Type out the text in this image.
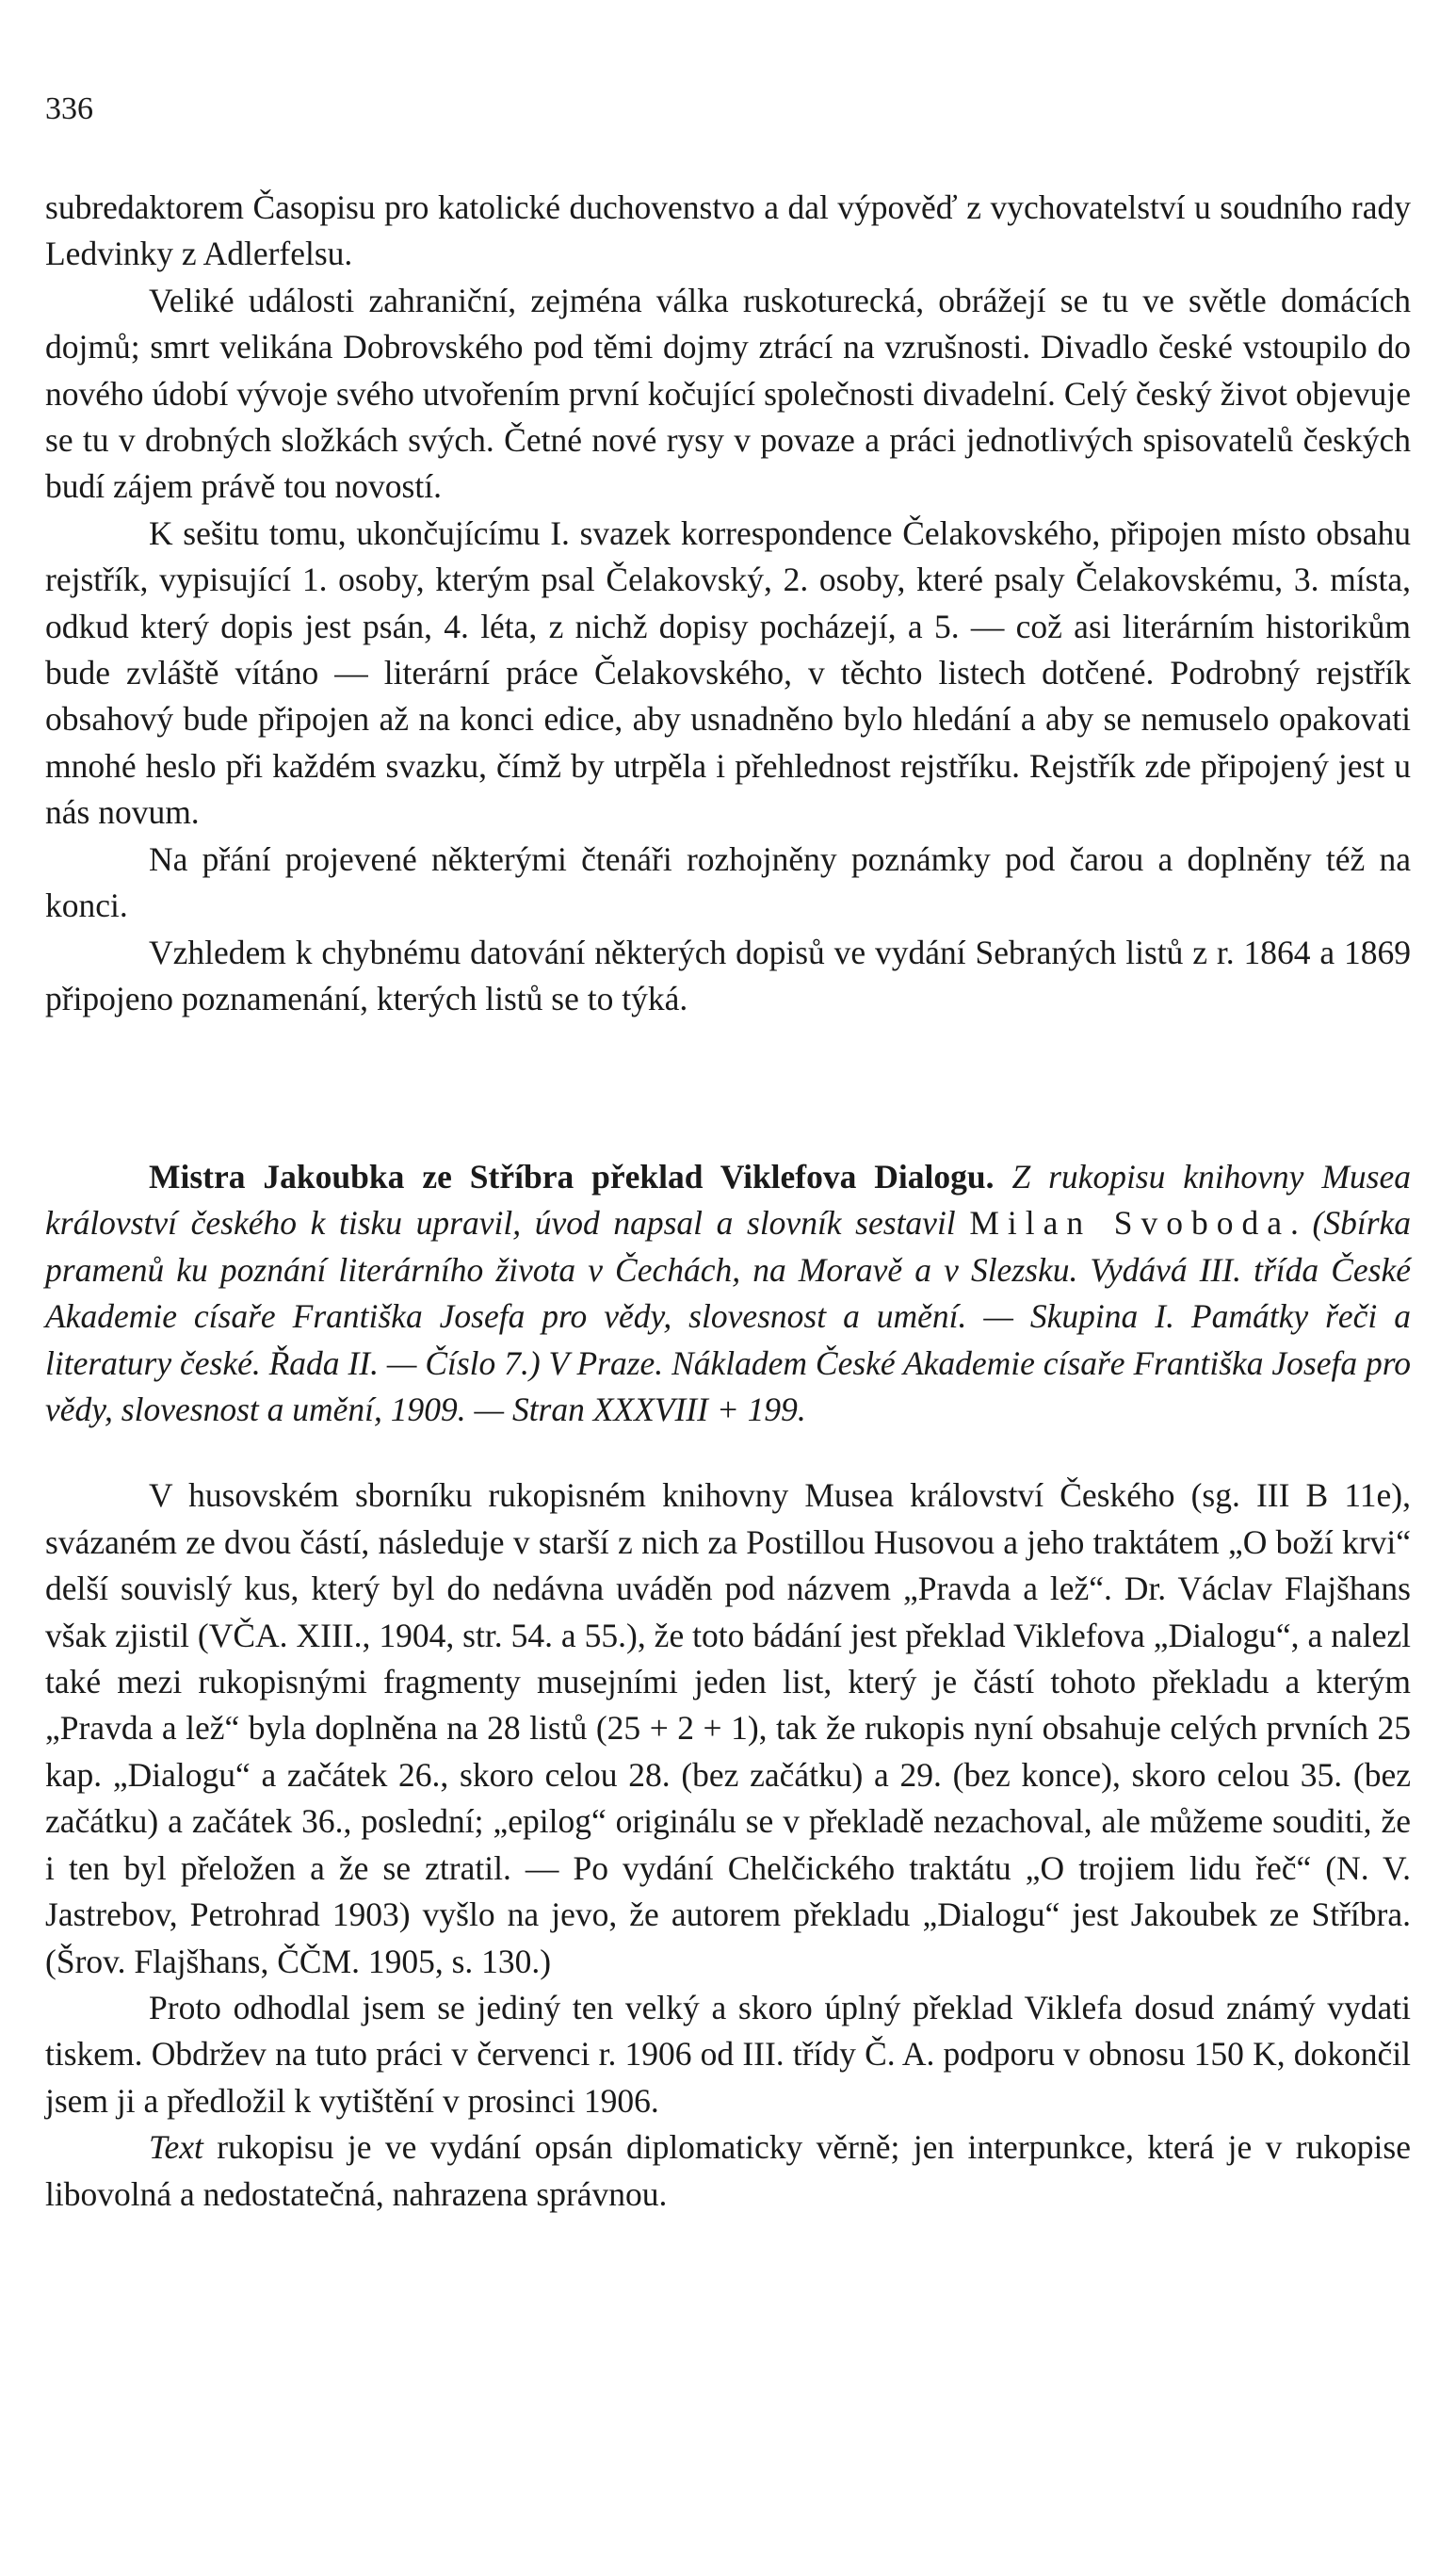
336

subredaktorem Časopisu pro katolické duchovenstvo a dal výpověď z vychovatelství u soudního rady Ledvinky z Adlerfelsu.

Veliké události zahraniční, zejména válka ruskoturecká, obrážejí se tu ve světle domácích dojmů; smrt velikána Dobrovského pod těmi dojmy ztrácí na vzrušnosti. Divadlo české vstoupilo do nového údobí vývoje svého utvořením první kočující společnosti divadelní. Celý český život objevuje se tu v drobných složkách svých. Četné nové rysy v povaze a práci jednotlivých spisovatelů českých budí zájem právě tou novostí.

K sešitu tomu, ukončujícímu I. svazek korrespondence Čelakovského, připojen místo obsahu rejstřík, vypisující 1. osoby, kterým psal Čelakovský, 2. osoby, které psaly Čelakovskému, 3. místa, odkud který dopis jest psán, 4. léta, z nichž dopisy pocházejí, a 5. — což asi literárním historikům bude zvláště vítáno — literární práce Čelakovského, v těchto listech dotčené. Podrobný rejstřík obsahový bude připojen až na konci edice, aby usnadněno bylo hledání a aby se nemuselo opakovati mnohé heslo při každém svazku, čímž by utrpěla i přehlednost rejstříku. Rejstřík zde připojený jest u nás novum.

Na přání projevené některými čtenáři rozhojněny poznámky pod čarou a doplněny též na konci.

Vzhledem k chybnému datování některých dopisů ve vydání Sebraných listů z r. 1864 a 1869 připojeno poznamenání, kterých listů se to týká.

Mistra Jakoubka ze Stříbra překlad Viklefova Dialogu. Z rukopisu knihovny Musea království českého k tisku upravil, úvod napsal a slovník sestavil Milan Svoboda. (Sbírka pramenů ku poznání literárního života v Čechách, na Moravě a v Slezsku. Vydává III. třída České Akademie císaře Františka Josefa pro vědy, slovesnost a umění. — Skupina I. Památky řeči a literatury české. Řada II. — Číslo 7.) V Praze. Nákladem České Akademie císaře Františka Josefa pro vědy, slovesnost a umění, 1909. — Stran XXXVIII + 199.

V husovském sborníku rukopisném knihovny Musea království Českého (sg. III B 11e), svázaném ze dvou částí, následuje v starší z nich za Postillou Husovou a jeho traktátem „O boží krvi“ delší souvislý kus, který byl do nedávna uváděn pod názvem „Pravda a lež“. Dr. Václav Flajšhans však zjistil (VČA. XIII., 1904, str. 54. a 55.), že toto bádání jest překlad Viklefova „Dialogu“, a nalezl také mezi rukopisnými fragmenty musejními jeden list, který je částí tohoto překladu a kterým „Pravda a lež“ byla doplněna na 28 listů (25 + 2 + 1), tak že rukopis nyní obsahuje celých prvních 25 kap. „Dialogu“ a začátek 26., skoro celou 28. (bez začátku) a 29. (bez konce), skoro celou 35. (bez začátku) a začátek 36., poslední; „epilog“ originálu se v překladě nezachoval, ale můžeme souditi, že i ten byl přeložen a že se ztratil. — Po vydání Chelčického traktátu „O trojiem lidu řeč“ (N. V. Jastrebov, Petrohrad 1903) vyšlo na jevo, že autorem překladu „Dialogu“ jest Jakoubek ze Stříbra. (Šrov. Flajšhans, ČČM. 1905, s. 130.)

Proto odhodlal jsem se jediný ten velký a skoro úplný překlad Viklefa dosud známý vydati tiskem. Obdržev na tuto práci v červenci r. 1906 od III. třídy Č. A. podporu v obnosu 150 K, dokončil jsem ji a předložil k vytištění v prosinci 1906.

Text rukopisu je ve vydání opsán diplomaticky věrně; jen interpunkce, která je v rukopise libovolná a nedostatečná, nahrazena správnou.
